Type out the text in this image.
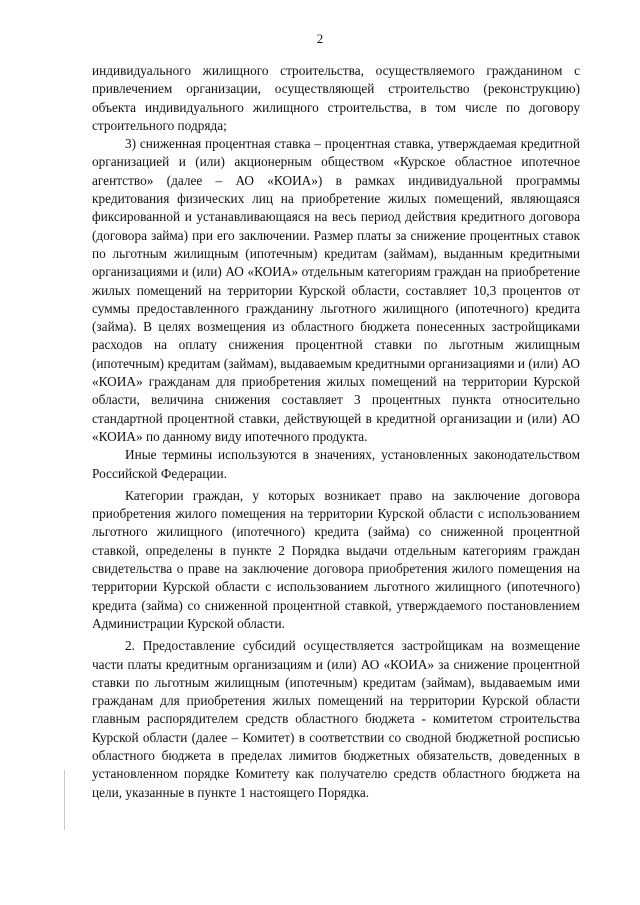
2

индивидуального жилищного строительства, осуществляемого гражданином с привлечением организации, осуществляющей строительство (реконструкцию) объекта индивидуального жилищного строительства, в том числе по договору строительного подряда;

3) сниженная процентная ставка – процентная ставка, утверждаемая кредитной организацией и (или) акционерным обществом «Курское областное ипотечное агентство» (далее – АО «КОИА») в рамках индивидуальной программы кредитования физических лиц на приобретение жилых помещений, являющаяся фиксированной и устанавливающаяся на весь период действия кредитного договора (договора займа) при его заключении. Размер платы за снижение процентных ставок по льготным жилищным (ипотечным) кредитам (займам), выданным кредитными организациями и (или) АО «КОИА» отдельным категориям граждан на приобретение жилых помещений на территории Курской области, составляет 10,3 процентов от суммы предоставленного гражданину льготного жилищного (ипотечного) кредита (займа). В целях возмещения из областного бюджета понесенных застройщиками расходов на оплату снижения процентной ставки по льготным жилищным (ипотечным) кредитам (займам), выдаваемым кредитными организациями и (или) АО «КОИА» гражданам для приобретения жилых помещений на территории Курской области, величина снижения составляет 3 процентных пункта относительно стандартной процентной ставки, действующей в кредитной организации и (или) АО «КОИА» по данному виду ипотечного продукта.

Иные термины используются в значениях, установленных законодательством Российской Федерации.

Категории граждан, у которых возникает право на заключение договора приобретения жилого помещения на территории Курской области с использованием льготного жилищного (ипотечного) кредита (займа) со сниженной процентной ставкой, определены в пункте 2 Порядка выдачи отдельным категориям граждан свидетельства о праве на заключение договора приобретения жилого помещения на территории Курской области с использованием льготного жилищного (ипотечного) кредита (займа) со сниженной процентной ставкой, утверждаемого постановлением Администрации Курской области.

2. Предоставление субсидий осуществляется застройщикам на возмещение части платы кредитным организациям и (или) АО «КОИА» за снижение процентной ставки по льготным жилищным (ипотечным) кредитам (займам), выдаваемым ими гражданам для приобретения жилых помещений на территории Курской области главным распорядителем средств областного бюджета - комитетом строительства Курской области (далее – Комитет) в соответствии со сводной бюджетной росписью областного бюджета в пределах лимитов бюджетных обязательств, доведенных в установленном порядке Комитету как получателю средств областного бюджета на цели, указанные в пункте 1 настоящего Порядка.
